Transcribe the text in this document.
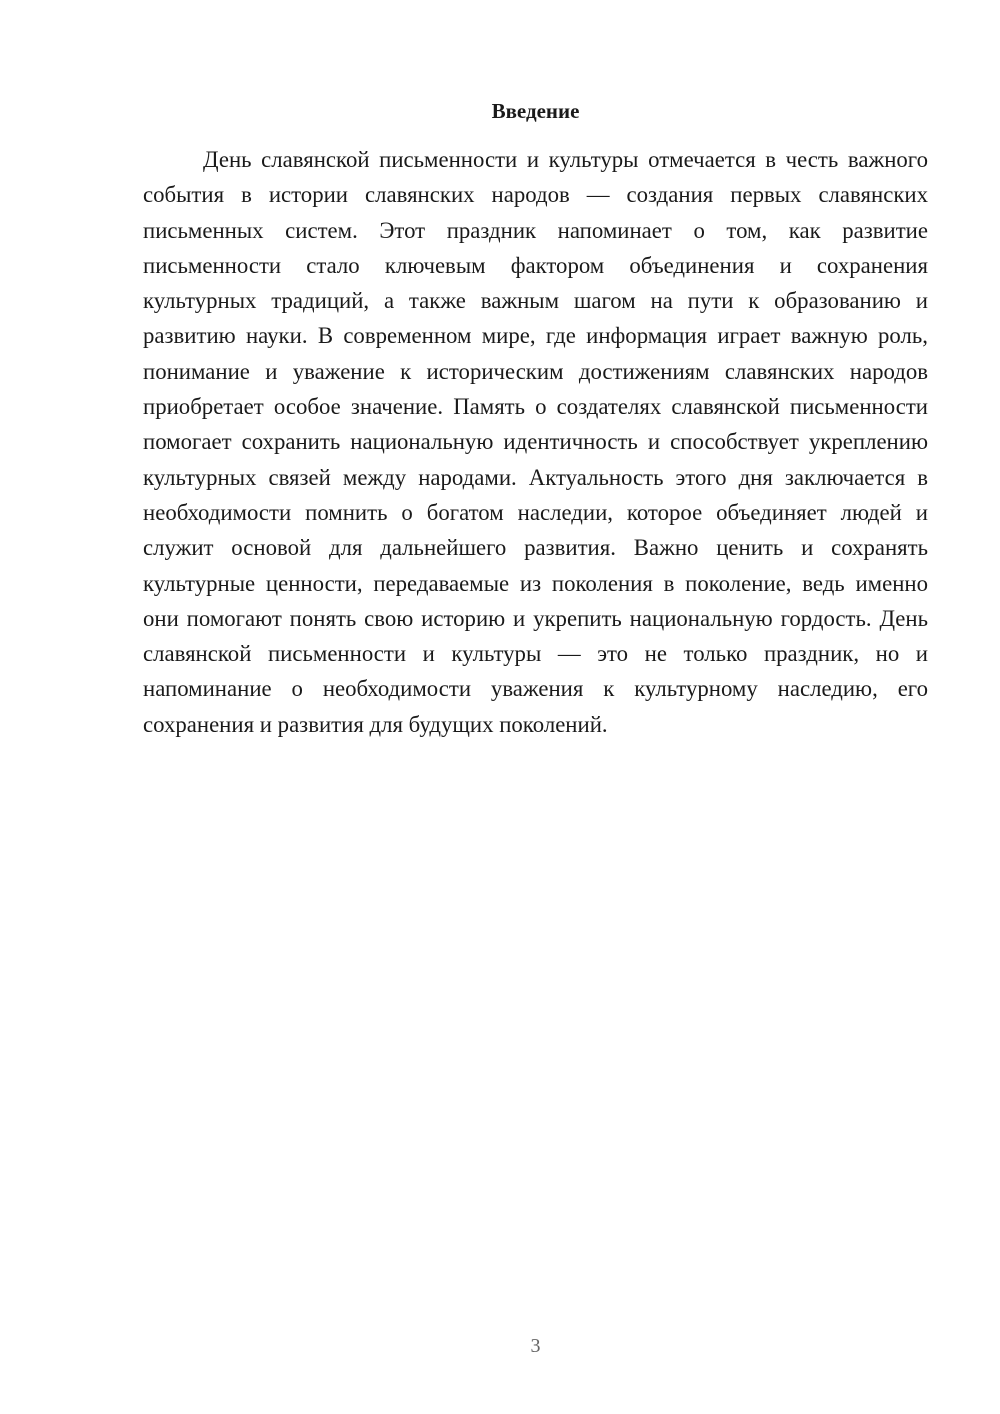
Введение

День славянской письменности и культуры отмечается в честь важного события в истории славянских народов — создания первых славянских письменных систем. Этот праздник напоминает о том, как развитие письменности стало ключевым фактором объединения и сохранения культурных традиций, а также важным шагом на пути к образованию и развитию науки. В современном мире, где информация играет важную роль, понимание и уважение к историческим достижениям славянских народов приобретает особое значение. Память о создателях славянской письменности помогает сохранить национальную идентичность и способствует укреплению культурных связей между народами. Актуальность этого дня заключается в необходимости помнить о богатом наследии, которое объединяет людей и служит основой для дальнейшего развития. Важно ценить и сохранять культурные ценности, передаваемые из поколения в поколение, ведь именно они помогают понять свою историю и укрепить национальную гордость. День славянской письменности и культуры — это не только праздник, но и напоминание о необходимости уважения к культурному наследию, его сохранения и развития для будущих поколений.

3
